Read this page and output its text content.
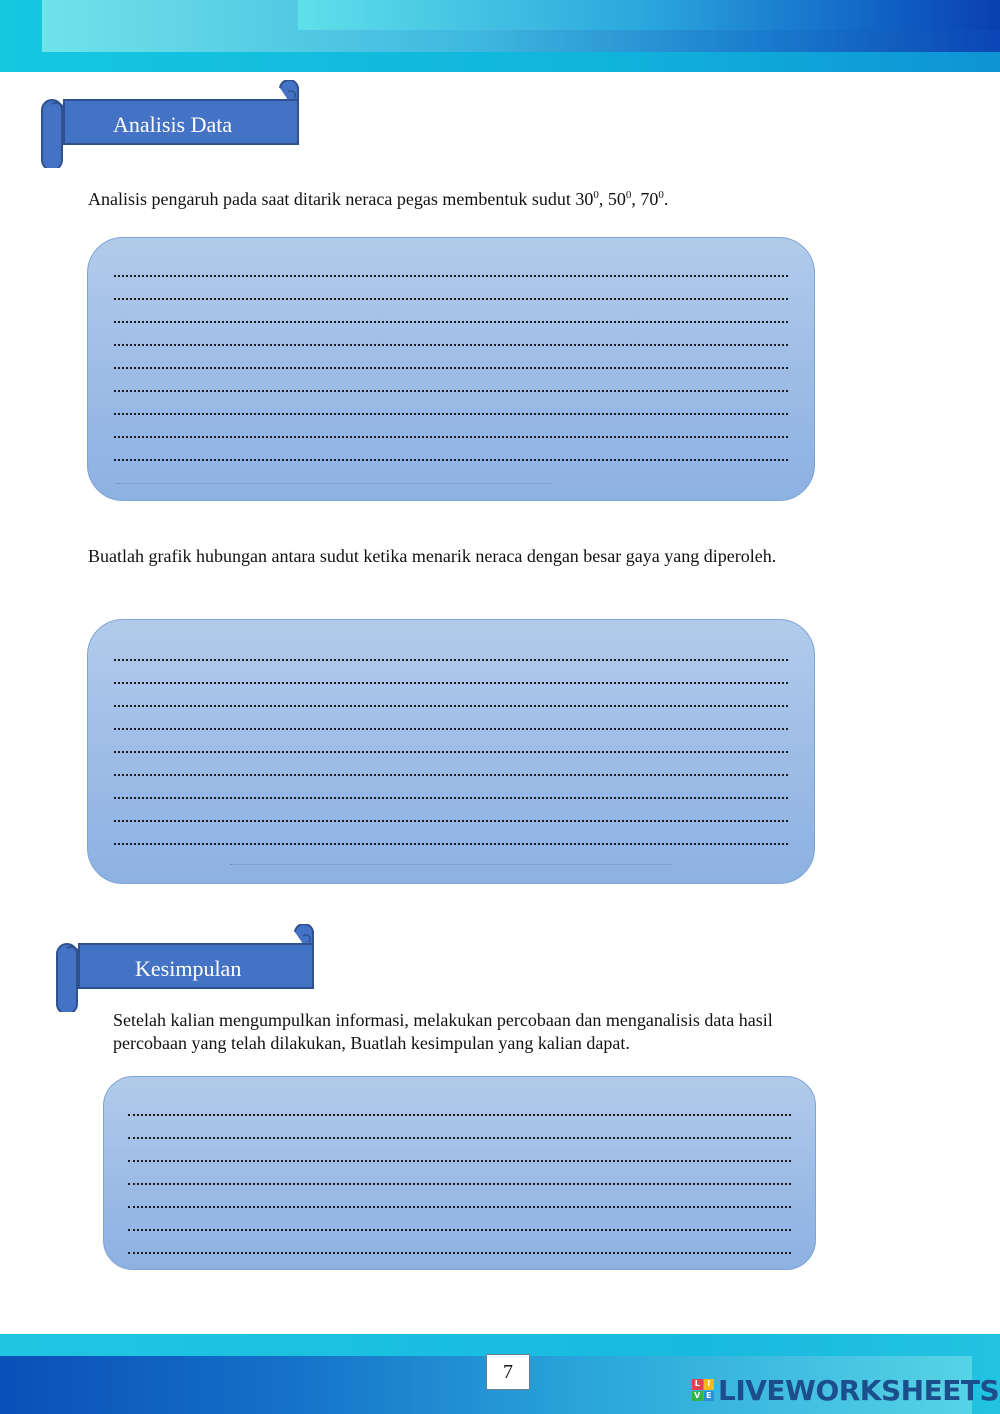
Analisis Data
Analisis pengaruh pada saat ditarik neraca pegas membentuk sudut $30^0$, $50^0$, $70^0$.
Buatlah grafik hubungan antara sudut ketika menarik neraca dengan besar gaya yang diperoleh.
Kesimpulan
Setelah kalian mengumpulkan informasi, melakukan percobaan dan menganalisis data hasil percobaan yang telah dilakukan, Buatlah kesimpulan yang kalian dapat.
7
L I
V E LIVEWORKSHEETS
